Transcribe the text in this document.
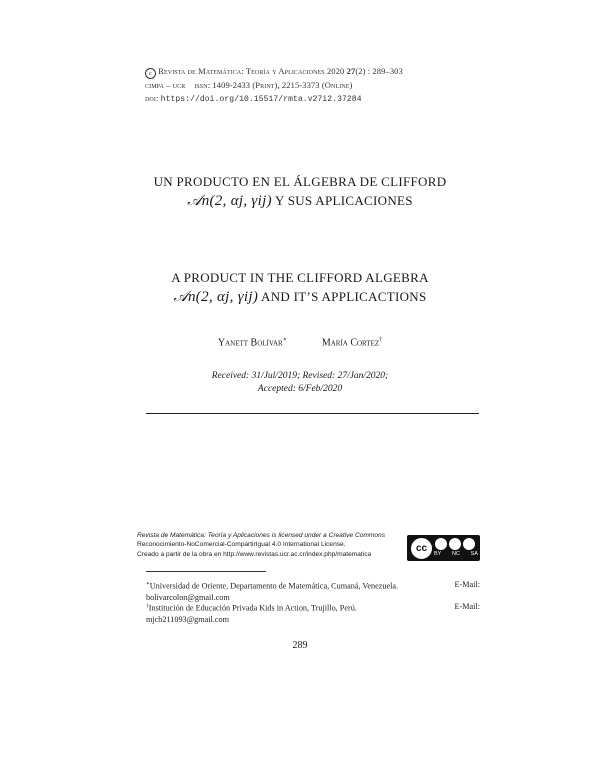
c Revista de Matemática: Teoría y Aplicaciones 2020 27(2) : 289–303
cimpa – ucr issn: 1409-2433 (Print), 2215-3373 (Online)
doi: https://doi.org/10.15517/rmta.v27i2.37284
UN PRODUCTO EN EL ÁLGEBRA DE CLIFFORD
𝒜n(2, αj, γij) Y SUS APLICACIONES
A PRODUCT IN THE CLIFFORD ALGEBRA
𝒜n(2, αj, γij) AND IT’S APPLICACTIONS
Yanett Bolívar∗	María Cortez†
Received: 31/Jul/2019; Revised: 27/Jan/2020;
Accepted: 6/Feb/2020
Revista de Matemática: Teoría y Aplicaciones is licensed under a Creative Commons
Reconocimiento-NoComercial-CompartirIgual 4.0 International License.
Creado a partir de la obra en http://www.revistas.ucr.ac.cr/index.php/matematica
cc	BY NC SA
∗Universidad de Oriente, Departamento de Matemática, Cumaná, Venezuela.	E-Mail:
bolivarcolon@gmail.com
†Institución de Educación Privada Kids in Action, Trujillo, Perú.	E-Mail:
mjcb211093@gmail.com
289
